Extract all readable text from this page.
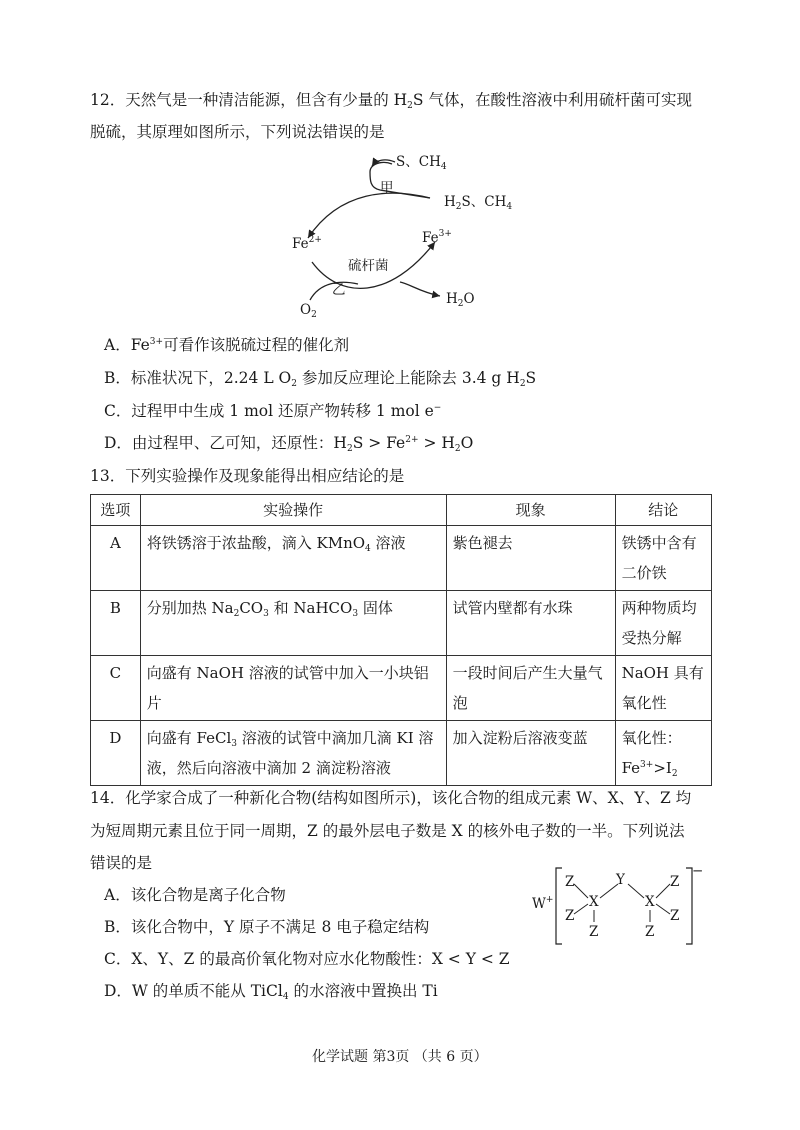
12．天然气是一种清洁能源，但含有少量的 $H_2S$ 气体，在酸性溶液中利用硫杆菌可实现
脱硫，其原理如图所示，下列说法错误的是
S、$CH_4$
甲
$H_2S$、$CH_4$
$Fe^{2+}$	$Fe^{3+}$
硫杆菌
乙
$O_2$
$H_2O$
A．$Fe^{3+}$可看作该脱硫过程的催化剂
B．标准状况下，2.24 L $O_2$ 参加反应理论上能除去 3.4 g $H_2S$
C．过程甲中生成 1 mol 还原产物转移 1 mol e−
D．由过程甲、乙可知，还原性：$H_2S > Fe^{2+} > H_2O$
13．下列实验操作及现象能得出相应结论的是
选项	实验操作	现象	结论
A	将铁锈溶于浓盐酸，滴入 KMnO$_4$ 溶液	紫色褪去	铁锈中含有二价铁
B	分别加热 $Na_2CO_3$ 和 NaHCO$_3$ 固体	试管内壁都有水珠	两种物质均受热分解
C	向盛有 NaOH 溶液的试管中加入一小块铝片	一段时间后产生大量气泡	NaOH 具有氧化性
D	向盛有 FeCl$_3$ 溶液的试管中滴加几滴 KI 溶液，然后向溶液中滴加 2 滴淀粉溶液	加入淀粉后溶液变蓝	氧化性：
$Fe^{3+}>I_2$
14．化学家合成了一种新化合物(结构如图所示)，该化合物的组成元素 W、X、Y、Z 均
为短周期元素且位于同一周期，Z 的最外层电子数是 X 的核外电子数的一半。下列说法
错误的是
A．该化合物是离子化合物
B．该化合物中，Y 原子不满足 8 电子稳定结构
C．X、Y、Z 的最高价氧化物对应水化物酸性：X < Y < Z
D．W 的单质不能从 TiCl$_4$ 的水溶液中置换出 Ti
W+
−
Z
Z
X
Z
Y
X
Z
Z
Z
化学试题 第3页 （共 6 页）
